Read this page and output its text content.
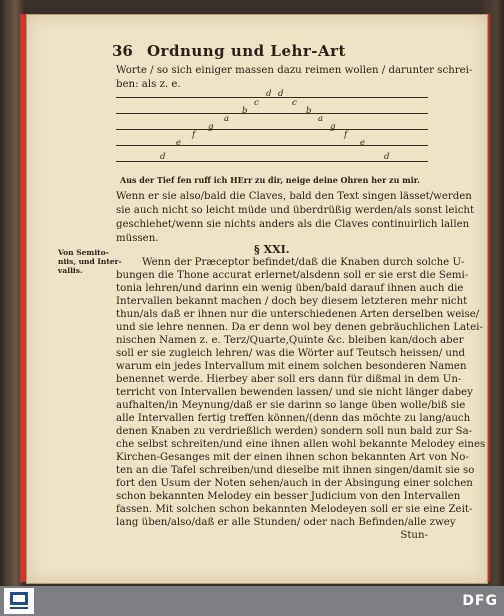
36 Ordnung und Lehr-Art
Worte / so sich einiger massen dazu reimen wollen / darunter schrei-
ben: als z. e.
d d
c	c
b	b
a	a
g	g
f	f
e	e
d	d
Aus der Tief fen ruff ich HErr zu dir, neige deine Ohren her zu mir.
Wenn er sie also/bald die Claves, bald den Text singen lässet/werden
sie auch nicht so leicht müde und überdrüßig werden/als sonst leicht
geschiehet/wenn sie nichts anders als die Claves continuirlich lallen
müssen.
§ XXI.
Von Semito-
niis, und Inter-
vallis.
Wenn der Præceptor befindet/daß die Knaben durch solche U-
bungen die Thone accurat erlernet/alsdenn soll er sie erst die Semi-
tonia lehren/und darinn ein wenig üben/bald darauf ihnen auch die
Intervallen bekannt machen / doch bey diesem letzteren mehr nicht
thun/als daß er ihnen nur die unterschiedenen Arten derselben weise/
und sie lehre nennen. Da er denn wol bey denen gebräuchlichen Latei-
nischen Namen z. e. Terz/Quarte,Quinte &c. bleiben kan/doch aber
soll er sie zugleich lehren/ was die Wörter auf Teutsch heissen/ und
warum ein jedes Intervallum mit einem solchen besonderen Namen
benennet werde. Hierbey aber soll ers dann für dißmal in dem Un-
terricht von Intervallen bewenden lassen/ und sie nicht länger dabey
aufhalten/in Meynung/daß er sie darinn so lange üben wolle/biß sie
alle Intervallen fertig treffen können/(denn das möchte zu lang/auch
denen Knaben zu verdrießlich werden) sondern soll nun bald zur Sa-
che selbst schreiten/und eine ihnen allen wohl bekannte Melodey eines
Kirchen-Gesanges mit der einen ihnen schon bekannten Art von No-
ten an die Tafel schreiben/und dieselbe mit ihnen singen/damit sie so
fort den Usum der Noten sehen/auch in der Absingung einer solchen
schon bekannten Melodey ein besser Judicium von den Intervallen
fassen. Mit solchen schon bekannten Melodeyen soll er sie eine Zeit-
lang üben/also/daß er alle Stunden/ oder nach Befinden/alle zwey
Stun-
DFG
